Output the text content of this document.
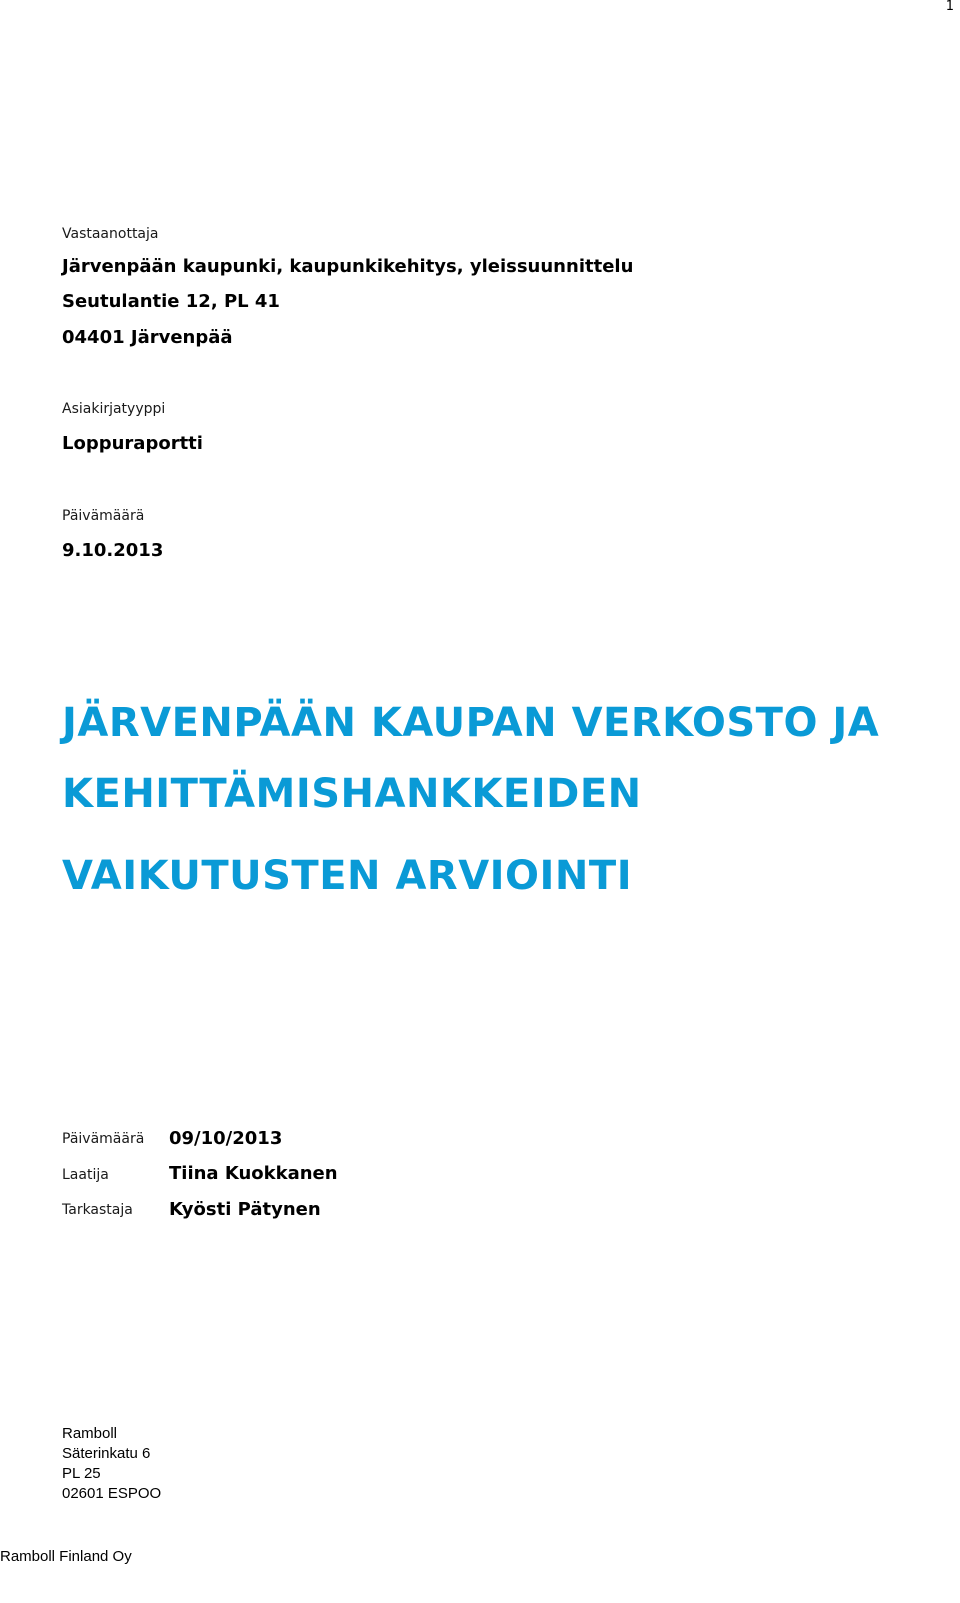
1
Vastaanottaja
Järvenpään kaupunki, kaupunkikehitys, yleissuunnittelu
Seutulantie 12, PL 41
04401 Järvenpää
Asiakirjatyyppi
Loppuraportti
Päivämäärä
9.10.2013
JÄRVENPÄÄN KAUPAN VERKOSTO JA
KEHITTÄMISHANKKEIDEN
VAIKUTUSTEN ARVIOINTI
Päivämäärä 09/10/2013
Laatija	Tiina Kuokkanen
Tarkastaja Kyösti Pätynen
Ramboll
Säterinkatu 6
PL 25
02601 ESPOO
Ramboll Finland Oy
